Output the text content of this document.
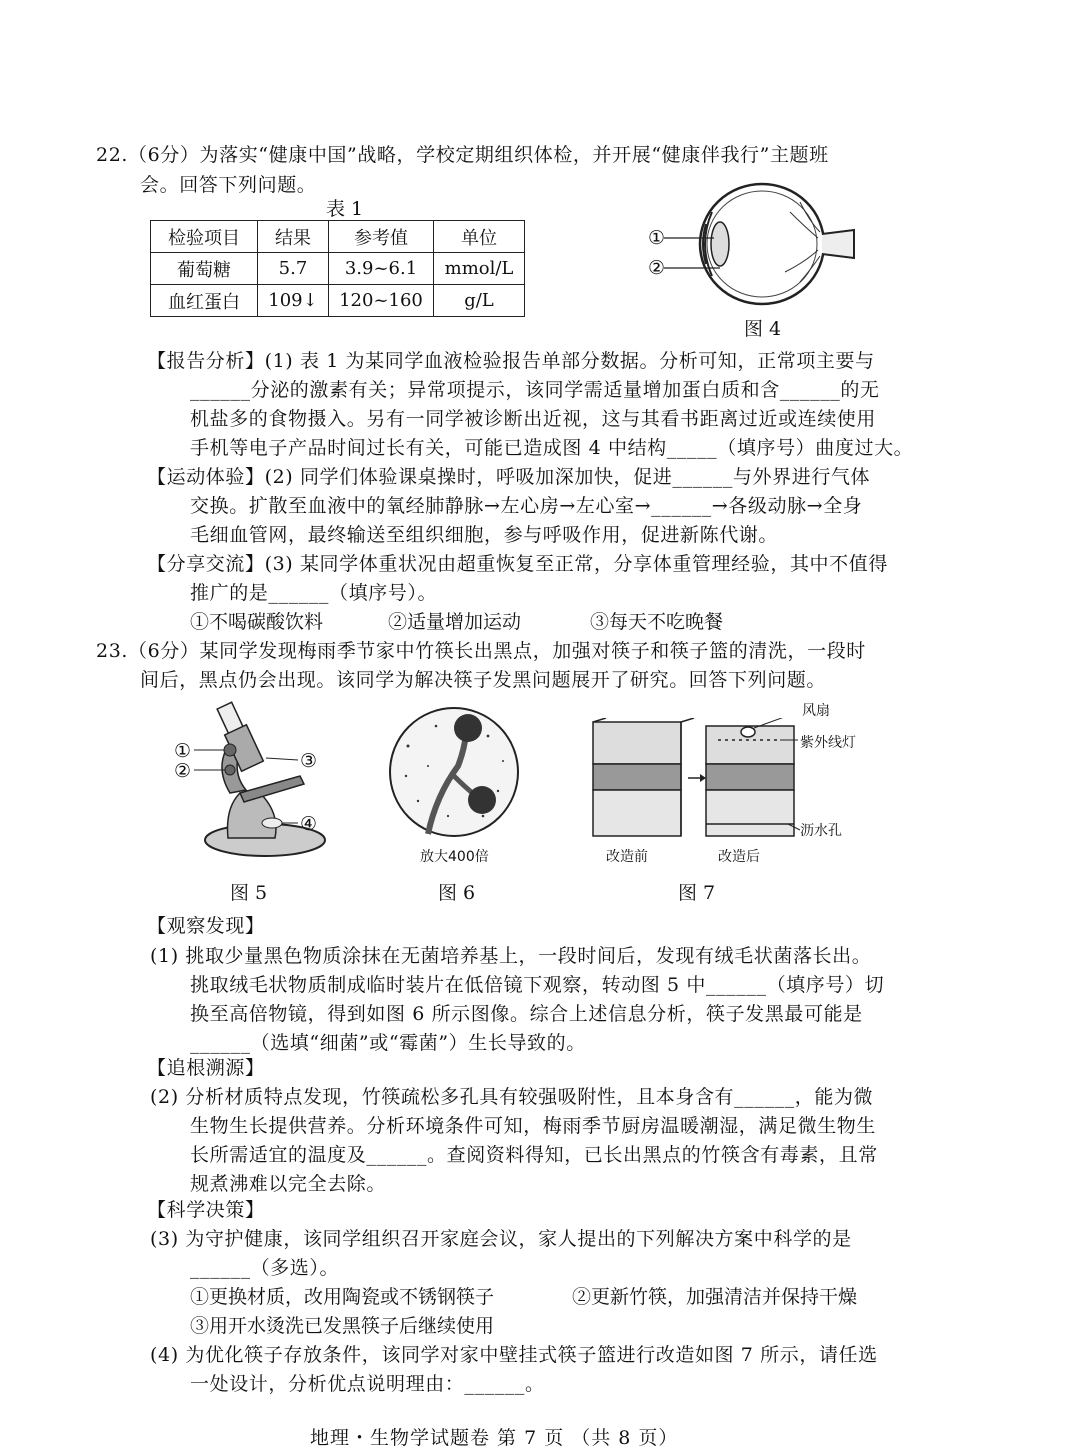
22.（6分）为落实“健康中国”战略，学校定期组织体检，并开展“健康伴我行”主题班
会。回答下列问题。
表 1
检验项目	结果	参考值	单位
葡萄糖	5.7	3.9~6.1	mmol/L
血红蛋白	109↓	120~160	g/L
①
②
图 4
【报告分析】(1) 表 1 为某同学血液检验报告单部分数据。分析可知，正常项主要与
______分泌的激素有关；异常项提示，该同学需适量增加蛋白质和含______的无
机盐多的食物摄入。另有一同学被诊断出近视，这与其看书距离过近或连续使用
手机等电子产品时间过长有关，可能已造成图 4 中结构_____（填序号）曲度过大。
【运动体验】(2) 同学们体验课桌操时，呼吸加深加快，促进______与外界进行气体
交换。扩散至血液中的氧经肺静脉→左心房→左心室→______→各级动脉→全身
毛细血管网，最终输送至组织细胞，参与呼吸作用，促进新陈代谢。
【分享交流】(3) 某同学体重状况由超重恢复至正常，分享体重管理经验，其中不值得
推广的是______（填序号）。
①不喝碳酸饮料	②适量增加运动	③每天不吃晚餐
23.（6分）某同学发现梅雨季节家中竹筷长出黑点，加强对筷子和筷子篮的清洗，一段时
间后，黑点仍会出现。该同学为解决筷子发黑问题展开了研究。回答下列问题。
①
②	③
④
图 5
放大400倍
图 6
风扇
紫外线灯
沥水孔
改造前	改造后
图 7
【观察发现】
(1) 挑取少量黑色物质涂抹在无菌培养基上，一段时间后，发现有绒毛状菌落长出。
挑取绒毛状物质制成临时装片在低倍镜下观察，转动图 5 中______（填序号）切
换至高倍物镜，得到如图 6 所示图像。综合上述信息分析，筷子发黑最可能是
______（选填“细菌”或“霉菌”）生长导致的。
【追根溯源】
(2) 分析材质特点发现，竹筷疏松多孔具有较强吸附性，且本身含有______，能为微
生物生长提供营养。分析环境条件可知，梅雨季节厨房温暖潮湿，满足微生物生
长所需适宜的温度及______。查阅资料得知，已长出黑点的竹筷含有毒素，且常
规煮沸难以完全去除。
【科学决策】
(3) 为守护健康，该同学组织召开家庭会议，家人提出的下列解决方案中科学的是
______（多选）。
①更换材质，改用陶瓷或不锈钢筷子	②更新竹筷，加强清洁并保持干燥
③用开水烫洗已发黑筷子后继续使用
(4) 为优化筷子存放条件，该同学对家中壁挂式筷子篮进行改造如图 7 所示，请任选
一处设计，分析优点说明理由：______。
地理・生物学试题卷 第 7 页 （共 8 页）
